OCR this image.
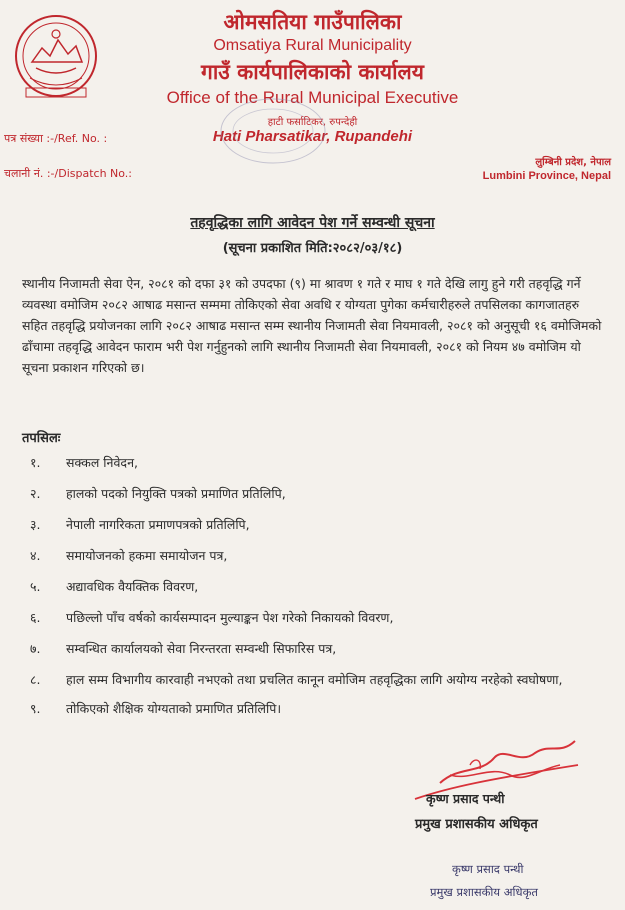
ओमसतिया गाउँपालिका
Omsatiya Rural Municipality
गाउँ कार्यपालिकाको कार्यालय
Office of the Rural Municipal Executive
हाटी फर्साटिकर, रुपन्देही
Hati Pharsatikar, Rupandehi
पत्र संख्या :-/Ref. No. :
चलानी नं. :-/Dispatch No.:
लुम्बिनी प्रदेश, नेपाल
Lumbini Province, Nepal
तहवृद्धिका लागि आवेदन पेश गर्ने सम्वन्धी सूचना
(सूचना प्रकाशित मिति:२०८२/०३/१८)
स्थानीय निजामती सेवा ऐन, २०८१ को दफा ३१ को उपदफा (९) मा श्रावण १ गते र माघ १ गते देखि लागु हुने गरी तहवृद्धि गर्ने व्यवस्था वमोजिम २०८२ आषाढ मसान्त सम्ममा तोकिएको सेवा अवधि र योग्यता पुगेका कर्मचारीहरुले तपसिलका कागजातहरु सहित तहवृद्धि प्रयोजनका लागि २०८२ आषाढ मसान्त सम्म स्थानीय निजामती सेवा नियमावली, २०८१ को अनुसूची १६ वमोजिमको ढाँचामा तहवृद्धि आवेदन फाराम भरी पेश गर्नुहुनको लागि स्थानीय निजामती सेवा नियमावली, २०८१ को नियम ४७ वमोजिम यो सूचना प्रकाशन गरिएको छ।
तपसिलः
१.	सक्कल निवेदन,
२.	हालको पदको नियुक्ति पत्रको प्रमाणित प्रतिलिपि,
३.	नेपाली नागरिकता प्रमाणपत्रको प्रतिलिपि,
४.	समायोजनको हकमा समायोजन पत्र,
५.	अद्यावधिक वैयक्तिक विवरण,
६.	पछिल्लो पाँच वर्षको कार्यसम्पादन मुल्याङ्कन पेश गरेको निकायको विवरण,
७.	सम्वन्धित कार्यालयको सेवा निरन्तरता सम्वन्धी सिफारिस पत्र,
८.	हाल सम्म विभागीय कारवाही नभएको तथा प्रचलित कानून वमोजिम तहवृद्धिका लागि अयोग्य नरहेको स्वघोषणा,
९.	तोकिएको शैक्षिक योग्यताको प्रमाणित प्रतिलिपि।
कृष्ण प्रसाद पन्थी
प्रमुख प्रशासकीय अधिकृत
कृष्ण प्रसाद पन्थी
प्रमुख प्रशासकीय अधिकृत
